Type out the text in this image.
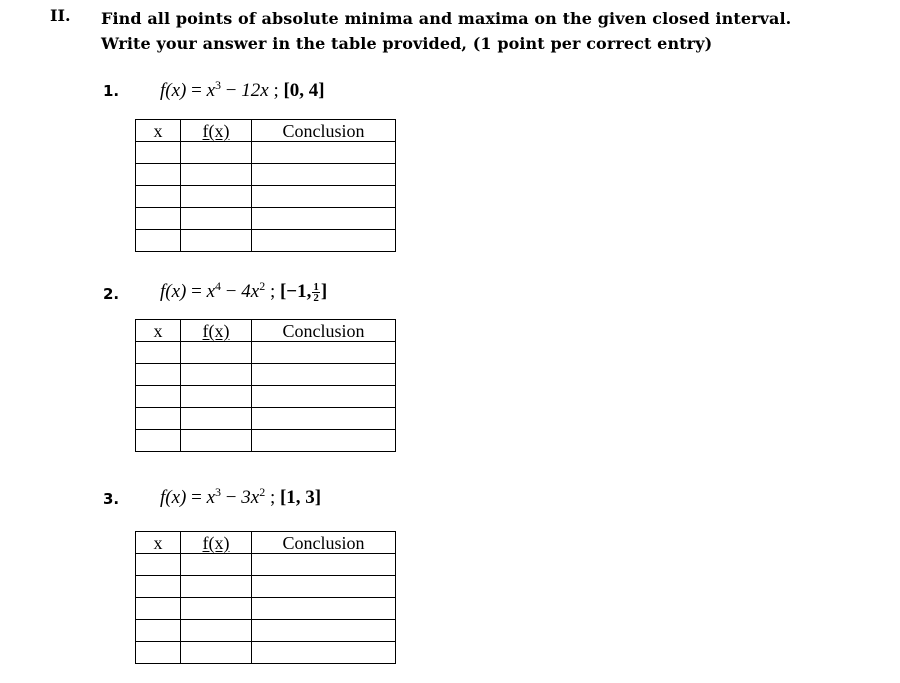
II. Find all points of absolute minima and maxima on the given closed interval.
Write your answer in the table provided, (1 point per correct entry)
1. $f(x) = x^3 - 12x$ ; [0, 4]
x	f(x)	Conclusion

2. $f(x) = x^4 - 4x^2$ ; [−1, $\frac{1}{2}$ ]
x	f(x)	Conclusion

3. $f(x) = x^3 - 3x^2$ ; [1, 3]
x	f(x)	Conclusion
